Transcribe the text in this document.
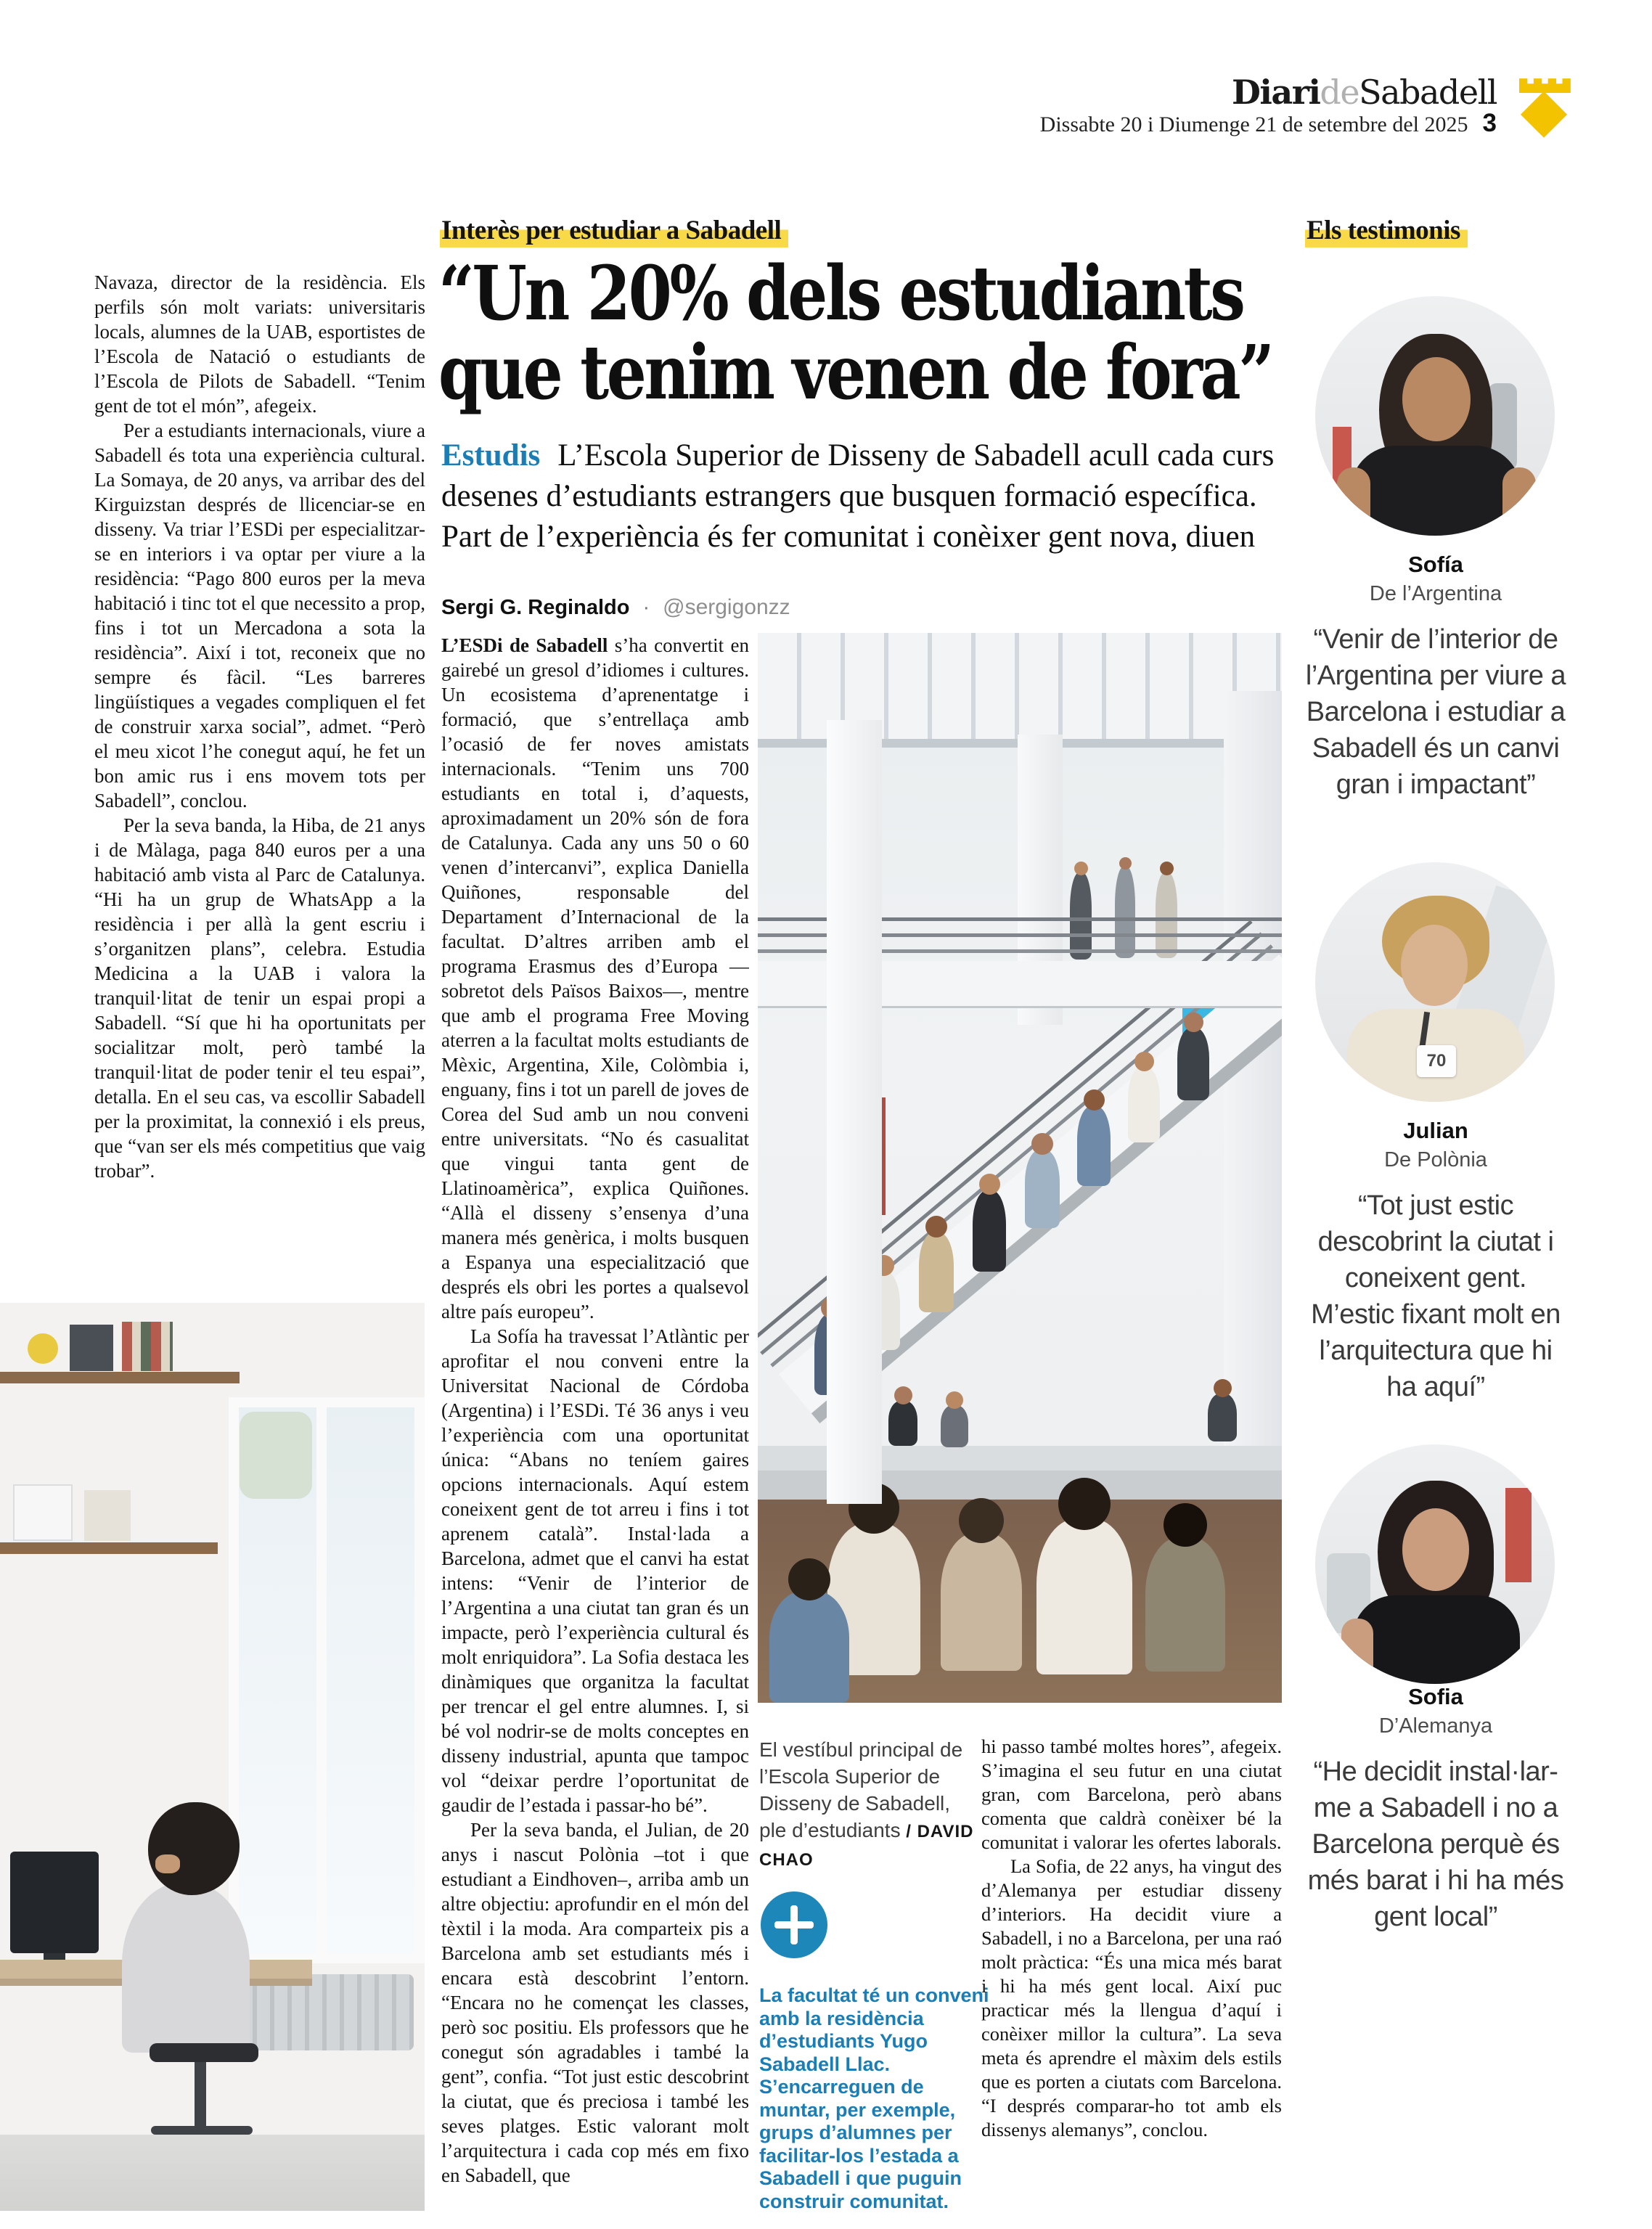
DiarideSabadell
Dissabte 20 i Diumenge 21 de setembre del 2025 3
Interès per estudiar a Sabadell
“Un 20% dels estudiants
que tenim venen de fora”
Estudis L’Escola Superior de Disseny de Sabadell acull cada curs desenes d’estudiants estrangers que busquen formació específica. Part de l’experiència és fer comunitat i conèixer gent nova, diuen
Sergi G. Reginaldo · @sergigonzz

Navaza, director de la residència. Els perfils són molt variats: universitaris locals, alumnes de la UAB, esportistes de l’Escola de Natació o estudiants de l’Escola de Pilots de Sabadell. “Tenim gent de tot el món”, afegeix.

Per a estudiants internacionals, viure a Sabadell és tota una experiència cultural. La Somaya, de 20 anys, va arribar des del Kirguizstan després de llicenciar-se en disseny. Va triar l’ESDi per especialitzar-se en interiors i va optar per viure a la residència: “Pago 800 euros per la meva habitació i tinc tot el que necessito a prop, fins i tot un Mercadona a sota la residència”. Així i tot, reconeix que no sempre és fàcil. “Les barreres lingüístiques a vegades compliquen el fet de construir xarxa social”, admet. “Però el meu xicot l’he conegut aquí, he fet un bon amic rus i ens movem tots per Sabadell”, conclou.

Per la seva banda, la Hiba, de 21 anys i de Màlaga, paga 840 euros per a una habitació amb vista al Parc de Catalunya. “Hi ha un grup de WhatsApp a la residència i per allà la gent escriu i s’organitzen plans”, celebra. Estudia Medicina a la UAB i valora la tranquil·litat de tenir un espai propi a Sabadell. “Sí que hi ha oportunitats per socialitzar molt, però també la tranquil·litat de poder tenir el teu espai”, detalla. En el seu cas, va escollir Sabadell per la proximitat, la connexió i els preus, que “van ser els més competitius que vaig trobar”.

L’ESDi de Sabadell s’ha convertit en gairebé un gresol d’idiomes i cultures. Un ecosistema d’aprenentatge i formació, que s’entrellaça amb l’ocasió de fer noves amistats internacionals. “Tenim uns 700 estudiants en total i, d’aquests, aproximadament un 20% són de fora de Catalunya. Cada any uns 50 o 60 venen d’intercanvi”, explica Daniella Quiñones, responsable del Departament d’Internacional de la facultat. D’altres arriben amb el programa Erasmus des d’Europa —sobretot dels Països Baixos—, mentre que amb el programa Free Moving aterren a la facultat molts estudiants de Mèxic, Argentina, Xile, Colòmbia i, enguany, fins i tot un parell de joves de Corea del Sud amb un nou conveni entre universitats. “No és casualitat que vingui tanta gent de Llatinoamèrica”, explica Quiñones. “Allà el disseny s’ensenya d’una manera més genèrica, i molts busquen a Espanya una especialització que després els obri les portes a qualsevol altre país europeu”.

La Sofía ha travessat l’Atlàntic per aprofitar el nou conveni entre la Universitat Nacional de Córdoba (Argentina) i l’ESDi. Té 36 anys i veu l’experiència com una oportunitat única: “Abans no teníem gaires opcions internacionals. Aquí estem coneixent gent de tot arreu i fins i tot aprenem català”. Instal·lada a Barcelona, admet que el canvi ha estat intens: “Venir de l’interior de l’Argentina a una ciutat tan gran és un impacte, però l’experiència cultural és molt enriquidora”. La Sofia destaca les dinàmiques que organitza la facultat per trencar el gel entre alumnes. I, si bé vol nodrir-se de molts conceptes en disseny industrial, apunta que tampoc vol “deixar perdre l’oportunitat de gaudir de l’estada i passar-ho bé”.

Per la seva banda, el Julian, de 20 anys i nascut Polònia –tot i que estudiant a Eindhoven–, arriba amb un altre objectiu: aprofundir en el món del tèxtil i la moda. Ara comparteix pis a Barcelona amb set estudiants més i encara està descobrint l’entorn. “Encara no he començat les classes, però soc positiu. Els professors que he conegut són agradables i també la gent”, confia. “Tot just estic descobrint la ciutat, que és preciosa i també les seves platges. Estic valorant molt l’arquitectura i cada cop més em fixo en Sabadell, que

El vestíbul principal de l’Escola Superior de Disseny de Sabadell, ple d’estudiants / DAVID CHAO
La facultat té un conveni amb la residència d’estudiants Yugo Sabadell Llac. S’encarreguen de muntar, per exemple, grups d’alumnes per facilitar-los l’estada a Sabadell i que puguin construir comunitat.

hi passo també moltes hores”, afegeix. S’imagina el seu futur en una ciutat gran, com Barcelona, però abans comenta que caldrà conèixer bé la comunitat i valorar les ofertes laborals.

La Sofia, de 22 anys, ha vingut des d’Alemanya per estudiar disseny d’interiors. Ha decidit viure a Sabadell, i no a Barcelona, per una raó molt pràctica: “És una mica més barat i hi ha més gent local. Així puc practicar més la llengua d’aquí i conèixer millor la cultura”. La seva meta és aprendre el màxim dels estils que es porten a ciutats com Barcelona. “I després comparar-ho tot amb els dissenys alemanys”, conclou.

Els testimonis
Sofía
De l’Argentina
“Venir de l’interior de l’Argentina per viure a Barcelona i estudiar a Sabadell és un canvi gran i impactant”
70
Julian
De Polònia
“Tot just estic descobrint la ciutat i coneixent gent. M’estic fixant molt en l’arquitectura que hi ha aquí”
Sofia
D’Alemanya
“He decidit instal·lar-me a Sabadell i no a Barcelona perquè és més barat i hi ha més gent local”
